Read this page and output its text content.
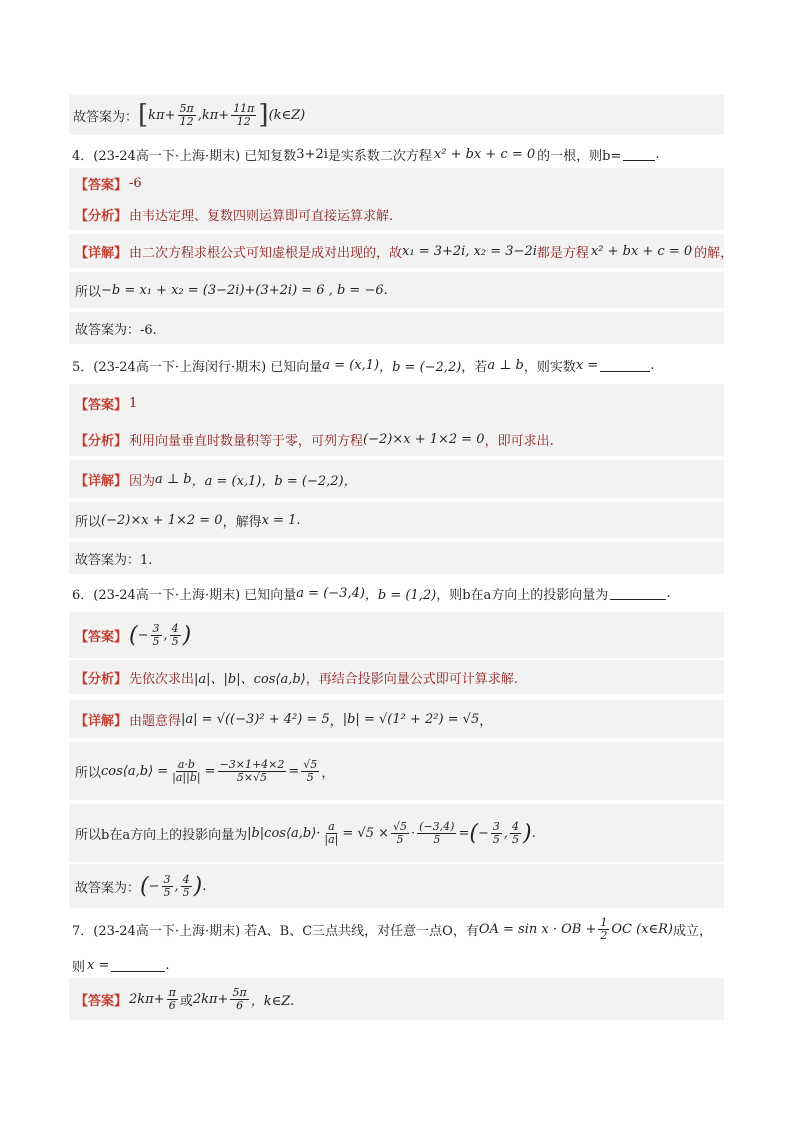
故答案为： [ $k\pi+ \frac{5\pi}{12} ,k\pi+ \frac{11\pi}{12}$ ] (k∈Z)
4．(23-24高一下·上海·期末) 已知复数 3+2i 是实系数二次方程 x² + bx + c = 0 的一根，则b=	.
【答案】 -6
【分析】 由韦达定理、复数四则运算即可直接运算求解.
【详解】 由二次方程求根公式可知虚根是成对出现的，故 x₁ = 3+2i, x₂ = 3−2i 都是方程 x² + bx + c = 0 的解，
所以 −b = x₁ + x₂ = (3−2i)+(3+2i) = 6 , b = −6 .
故答案为：-6.
5．(23-24高一下·上海闵行·期末) 已知向量 a = (x,1) ，b = (−2,2) ，若 a ⊥ b ，则实数 x =	.
【答案】 1
【分析】 利用向量垂直时数量积等于零，可列方程 (−2)×x + 1×2 = 0 ，即可求出.
【详解】 因为 a ⊥ b ，a = (x,1)，b = (−2,2)，
所以 (−2)×x + 1×2 = 0 ，解得 x = 1 .
故答案为：1.
6．(23-24高一下·上海·期末) 已知向量 a = (−3,4) ，b = (1,2) ，则b在a方向上的投影向量为	.
【答案】 ( − $\frac{3}{5}$ , $\frac{4}{5}$ )
【分析】 先依次求出 |a|、|b|、cos⟨a,b⟩ ，再结合投影向量公式即可计算求解.
【详解】 由题意得 |a| = √((−3)² + 4²) = 5 ， |b| = √(1² + 2²) = √5 ，
所以 cos⟨a,b⟩ = $\frac{a\cdot b}{|a||b|} = \frac{-3\times 1+4\times 2}{5\times√5} = \frac{√5}{5}$ ，
所以b在a方向上的投影向量为 |b|cos⟨a,b⟩· $\frac{a}{|a|} = √5 \times \frac{√5}{5} \cdot \frac{(-3,4)}{5}$ = ( − $\frac{3}{5}$ , $\frac{4}{5}$ ) .
故答案为： ( − $\frac{3}{5}$ , $\frac{4}{5}$ ) .
7．(23-24高一下·上海·期末) 若A、B、C三点共线，对任意一点O，有 OA = sin x · OB + $\frac{1}{2}$ OC (x∈R) 成立，
则 x =	.
【答案】 $2k\pi+ \frac{\pi}{6}$ 或 $2k\pi+ \frac{5\pi}{6}$ ，k∈Z.
